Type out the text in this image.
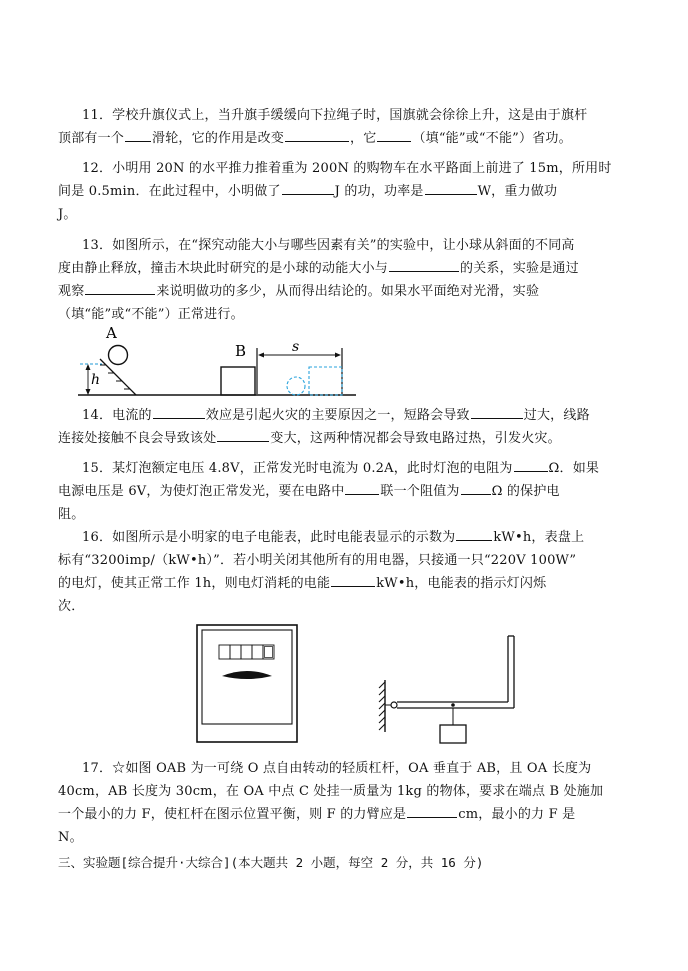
11．学校升旗仪式上，当升旗手缓缓向下拉绳子时，国旗就会徐徐上升，这是由于旗杆
顶部有一个 滑轮，它的作用是改变	，它	（填“能”或“不能”）省功。
12．小明用 20N 的水平推力推着重为 200N 的购物车在水平路面上前进了 15m，所用时
间是 0.5min．在此过程中，小明做了	J 的功，功率是	W，重力做功
J。
13．如图所示，在“探究动能大小与哪些因素有关”的实验中，让小球从斜面的不同高
度由静止释放，撞击木块此时研究的是小球的动能大小与	的关系，实验是通过
观察	来说明做功的多少，从而得出结论的。如果水平面绝对光滑，实验
（填“能”或“不能”）正常进行。
A
h
B	s
14．电流的	效应是引起火灾的主要原因之一，短路会导致	过大，线路
连接处接触不良会导致该处	变大，这两种情况都会导致电路过热，引发火灾。
15．某灯泡额定电压 4.8V，正常发光时电流为 0.2A，此时灯泡的电阻为	Ω．如果
电源电压是 6V，为使灯泡正常发光，要在电路中	联一个阻值为 Ω 的保护电
阻。
16．如图所示是小明家的电子电能表，此时电能表显示的示数为	kW•h，表盘上
标有“3200imp/（kW•h）”．若小明关闭其他所有的用电器，只接通一只“220V 100W”
的电灯，使其正常工作 1h，则电灯消耗的电能	kW•h，电能表的指示灯闪烁
次．
17．☆如图 OAB 为一可绕 O 点自由转动的轻质杠杆，OA 垂直于 AB，且 OA 长度为
40cm，AB 长度为 30cm，在 OA 中点 C 处挂一质量为 1kg 的物体，要求在端点 B 处施加
一个最小的力 F，使杠杆在图示位置平衡，则 F 的力臂应是	cm，最小的力 F 是
N。
三、实验题[综合提升·大综合](本大题共 2 小题，每空 2 分，共 16 分)
